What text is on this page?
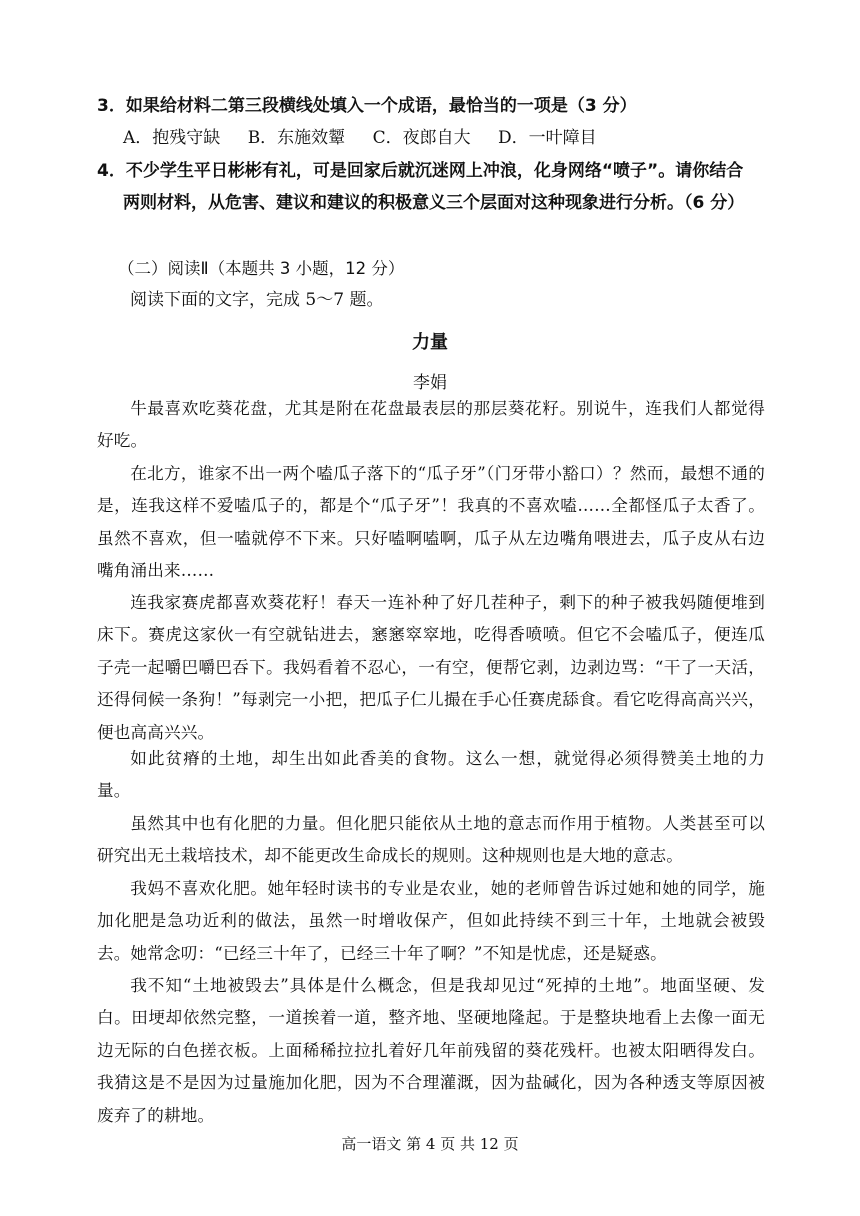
3．如果给材料二第三段横线处填入一个成语，最恰当的一项是（3 分）
A．抱残守缺 B．东施效颦 C．夜郎自大 D．一叶障目
4．不少学生平日彬彬有礼，可是回家后就沉迷网上冲浪，化身网络“喷子”。请你结合
两则材料，从危害、建议和建议的积极意义三个层面对这种现象进行分析。（6 分）
（二）阅读Ⅱ（本题共 3 小题，12 分）
阅读下面的文字，完成 5～7 题。
力量
李娟

牛最喜欢吃葵花盘，尤其是附在花盘最表层的那层葵花籽。别说牛，连我们人都觉得好吃。

在北方，谁家不出一两个嗑瓜子落下的“瓜子牙”（门牙带小豁口）？然而，最想不通的是，连我这样不爱嗑瓜子的，都是个“瓜子牙”！我真的不喜欢嗑……全都怪瓜子太香了。虽然不喜欢，但一嗑就停不下来。只好嗑啊嗑啊，瓜子从左边嘴角喂进去，瓜子皮从右边嘴角涌出来……

连我家赛虎都喜欢葵花籽！春天一连补种了好几茬种子，剩下的种子被我妈随便堆到床下。赛虎这家伙一有空就钻进去，窸窸窣窣地，吃得香喷喷。但它不会嗑瓜子，便连瓜子壳一起嚼巴嚼巴吞下。我妈看着不忍心，一有空，便帮它剥，边剥边骂：“干了一天活，还得伺候一条狗！”每剥完一小把，把瓜子仁儿撮在手心任赛虎舔食。看它吃得高高兴兴，便也高高兴兴。

如此贫瘠的土地，却生出如此香美的食物。这么一想，就觉得必须得赞美土地的力量。

虽然其中也有化肥的力量。但化肥只能依从土地的意志而作用于植物。人类甚至可以研究出无土栽培技术，却不能更改生命成长的规则。这种规则也是大地的意志。

我妈不喜欢化肥。她年轻时读书的专业是农业，她的老师曾告诉过她和她的同学，施加化肥是急功近利的做法，虽然一时增收保产，但如此持续不到三十年，土地就会被毁去。她常念叨：“已经三十年了，已经三十年了啊？”不知是忧虑，还是疑惑。

我不知“土地被毁去”具体是什么概念，但是我却见过“死掉的土地”。地面坚硬、发白。田埂却依然完整，一道挨着一道，整齐地、坚硬地隆起。于是整块地看上去像一面无边无际的白色搓衣板。上面稀稀拉拉扎着好几年前残留的葵花残杆。也被太阳晒得发白。我猜这是不是因为过量施加化肥，因为不合理灌溉，因为盐碱化，因为各种透支等原因被废弃了的耕地。

高一语文 第 4 页 共 12 页
